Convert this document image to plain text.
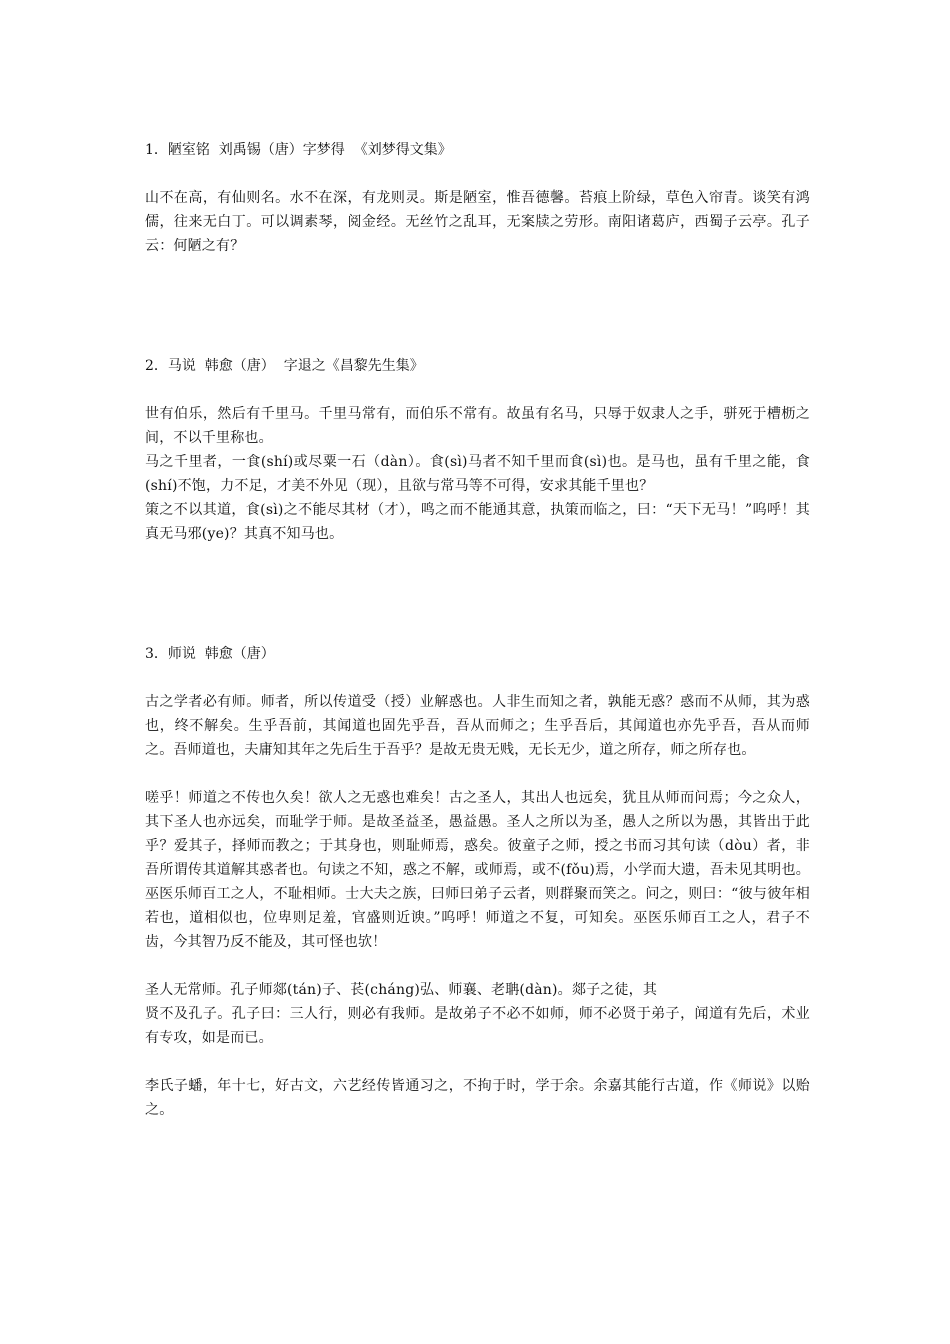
1．陋室铭  刘禹锡（唐）字梦得  《刘梦得文集》
山不在高，有仙则名。水不在深，有龙则灵。斯是陋室，惟吾德馨。苔痕上阶绿，草色入帘青。谈笑有鸿儒，往来无白丁。可以调素琴，阅金经。无丝竹之乱耳，无案牍之劳形。南阳诸葛庐，西蜀子云亭。孔子云：何陋之有？
2．马说  韩愈（唐）  字退之《昌黎先生集》
世有伯乐，然后有千里马。千里马常有，而伯乐不常有。故虽有名马，只辱于奴隶人之手，骈死于槽枥之间，不以千里称也。
马之千里者，一食(shí)或尽粟一石（dàn）。食(sì)马者不知千里而食(sì)也。是马也，虽有千里之能，食(shí)不饱，力不足，才美不外见（现），且欲与常马等不可得，安求其能千里也？
策之不以其道，食(sì)之不能尽其材（才），鸣之而不能通其意，执策而临之，曰：“天下无马！”呜呼！其真无马邪(ye)？其真不知马也。
3．师说  韩愈（唐）
古之学者必有师。师者，所以传道受（授）业解惑也。人非生而知之者，孰能无惑？惑而不从师，其为惑也，终不解矣。生乎吾前，其闻道也固先乎吾，吾从而师之；生乎吾后，其闻道也亦先乎吾，吾从而师之。吾师道也，夫庸知其年之先后生于吾乎？是故无贵无贱，无长无少，道之所存，师之所存也。
嗟乎！师道之不传也久矣！欲人之无惑也难矣！古之圣人，其出人也远矣，犹且从师而问焉；今之众人，其下圣人也亦远矣，而耻学于师。是故圣益圣，愚益愚。圣人之所以为圣，愚人之所以为愚，其皆出于此乎？爱其子，择师而教之；于其身也，则耻师焉，惑矣。彼童子之师，授之书而习其句读（dòu）者，非吾所谓传其道解其惑者也。句读之不知，惑之不解，或师焉，或不(fǒu)焉，小学而大遗，吾未见其明也。巫医乐师百工之人，不耻相师。士大夫之族，曰师曰弟子云者，则群聚而笑之。问之，则曰：“彼与彼年相若也，道相似也，位卑则足羞，官盛则近谀。”呜呼！师道之不复，可知矣。巫医乐师百工之人，君子不齿，今其智乃反不能及，其可怪也欤！
圣人无常师。孔子师郯(tán)子、苌(cháng)弘、师襄、老聃(dàn)。郯子之徒，其
贤不及孔子。孔子曰：三人行，则必有我师。是故弟子不必不如师，师不必贤于弟子，闻道有先后，术业有专攻，如是而已。
李氏子蟠，年十七，好古文，六艺经传皆通习之，不拘于时，学于余。余嘉其能行古道，作《师说》以贻之。
